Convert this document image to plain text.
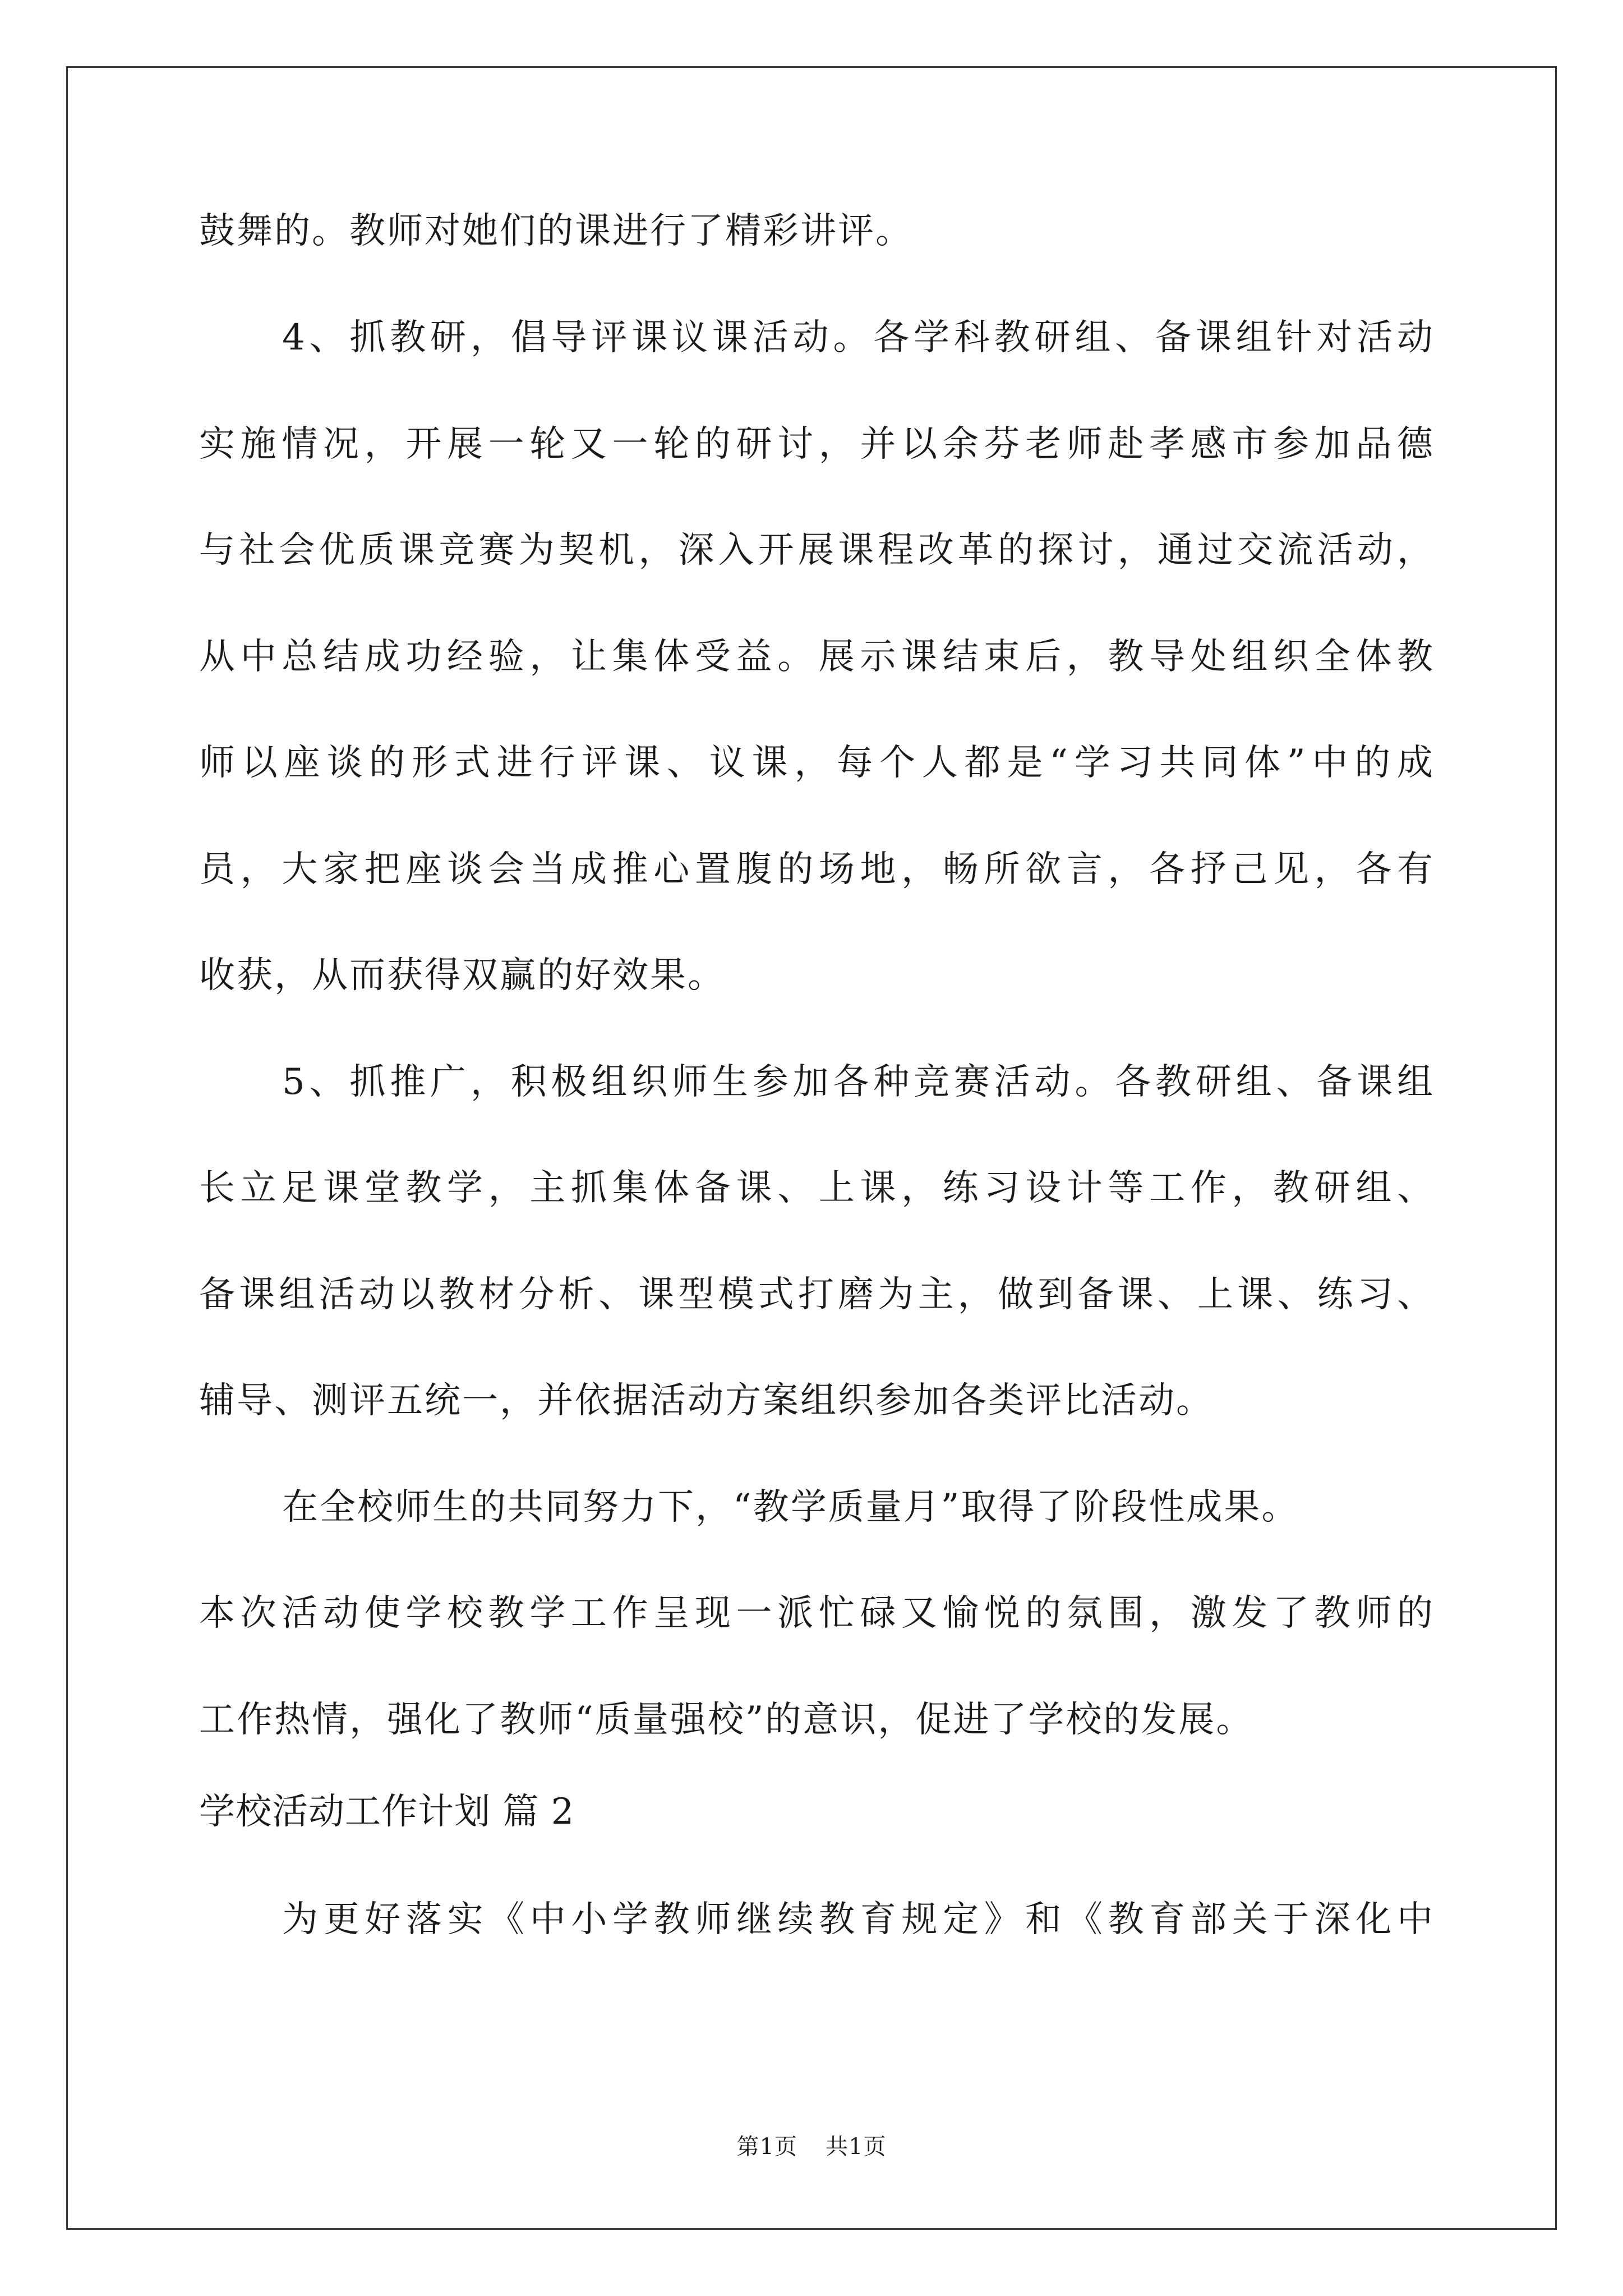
鼓舞的。教师对她们的课进行了精彩讲评。
4、抓教研，倡导评课议课活动。各学科教研组、备课组针对活动
实施情况，开展一轮又一轮的研讨，并以余芬老师赴孝感市参加品德
与社会优质课竞赛为契机，深入开展课程改革的探讨，通过交流活动，
从中总结成功经验，让集体受益。展示课结束后，教导处组织全体教
师以座谈的形式进行评课、议课，每个人都是“学习共同体”中的成
员，大家把座谈会当成推心置腹的场地，畅所欲言，各抒己见，各有
收获，从而获得双赢的好效果。
5、抓推广，积极组织师生参加各种竞赛活动。各教研组、备课组
长立足课堂教学，主抓集体备课、上课，练习设计等工作，教研组、
备课组活动以教材分析、课型模式打磨为主，做到备课、上课、练习、
辅导、测评五统一，并依据活动方案组织参加各类评比活动。
在全校师生的共同努力下，“教学质量月”取得了阶段性成果。
本次活动使学校教学工作呈现一派忙碌又愉悦的氛围，激发了教师的
工作热情，强化了教师“质量强校”的意识，促进了学校的发展。
学校活动工作计划 篇 2
为更好落实《中小学教师继续教育规定》和《教育部关于深化中
第1页 共1页
